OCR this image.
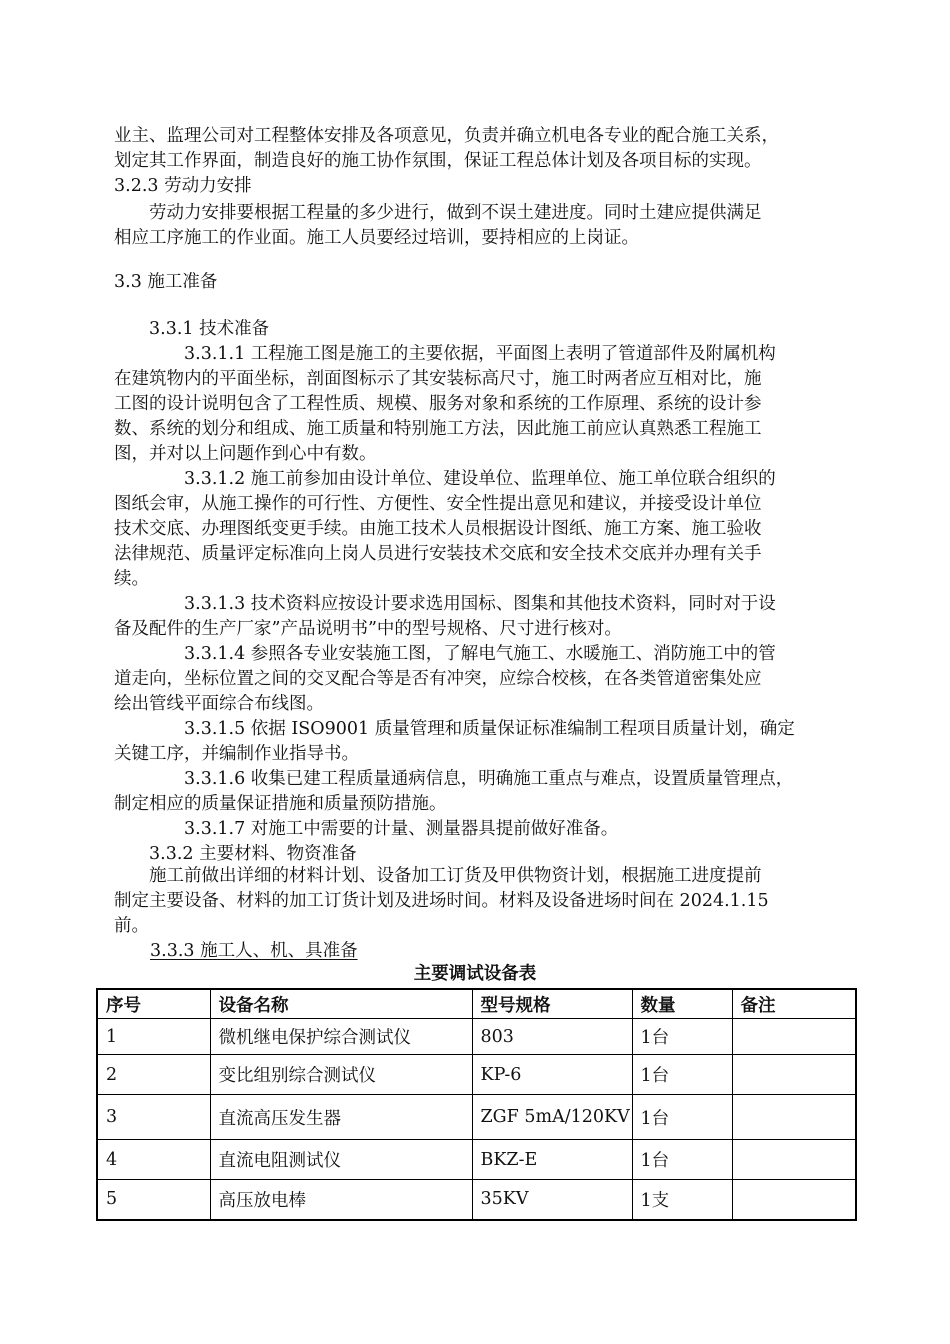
业主、监理公司对工程整体安排及各项意见，负责并确立机电各专业的配合施工关系，
划定其工作界面，制造良好的施工协作氛围，保证工程总体计划及各项目标的实现。
3.2.3 劳动力安排
　　劳动力安排要根据工程量的多少进行，做到不误土建进度。同时土建应提供满足
相应工序施工的作业面。施工人员要经过培训，要持相应的上岗证。
3.3 施工准备
　　3.3.1 技术准备
　　　　3.3.1.1 工程施工图是施工的主要依据，平面图上表明了管道部件及附属机构
在建筑物内的平面坐标，剖面图标示了其安装标高尺寸，施工时两者应互相对比，施
工图的设计说明包含了工程性质、规模、服务对象和系统的工作原理、系统的设计参
数、系统的划分和组成、施工质量和特别施工方法，因此施工前应认真熟悉工程施工
图，并对以上问题作到心中有数。
　　　　3.3.1.2 施工前参加由设计单位、建设单位、监理单位、施工单位联合组织的
图纸会审，从施工操作的可行性、方便性、安全性提出意见和建议，并接受设计单位
技术交底、办理图纸变更手续。由施工技术人员根据设计图纸、施工方案、施工验收
法律规范、质量评定标准向上岗人员进行安装技术交底和安全技术交底并办理有关手
续。
　　　　3.3.1.3 技术资料应按设计要求选用国标、图集和其他技术资料，同时对于设
备及配件的生产厂家”产品说明书”中的型号规格、尺寸进行核对。
　　　　3.3.1.4 参照各专业安装施工图，了解电气施工、水暖施工、消防施工中的管
道走向，坐标位置之间的交叉配合等是否有冲突，应综合校核，在各类管道密集处应
绘出管线平面综合布线图。
　　　　3.3.1.5 依据 ISO9001 质量管理和质量保证标准编制工程项目质量计划，确定
关键工序，并编制作业指导书。
　　　　3.3.1.6 收集已建工程质量通病信息，明确施工重点与难点，设置质量管理点，
制定相应的质量保证措施和质量预防措施。
　　　　3.3.1.7 对施工中需要的计量、测量器具提前做好准备。
　　3.3.2 主要材料、物资准备
　　施工前做出详细的材料计划、设备加工订货及甲供物资计划，根据施工进度提前
制定主要设备、材料的加工订货计划及进场时间。材料及设备进场时间在 2024.1.15
前。
3.3.3 施工人、机、具准备
主要调试设备表
序号	设备名称	型号规格	数量	备注
1	微机继电保护综合测试仪	803	1台	
2	变比组别综合测试仪	KP-6	1台	
3	直流高压发生器	ZGF 5mA/120KV	1台	
4	直流电阻测试仪	BKZ-E	1台	
5	高压放电棒	35KV	1支	
